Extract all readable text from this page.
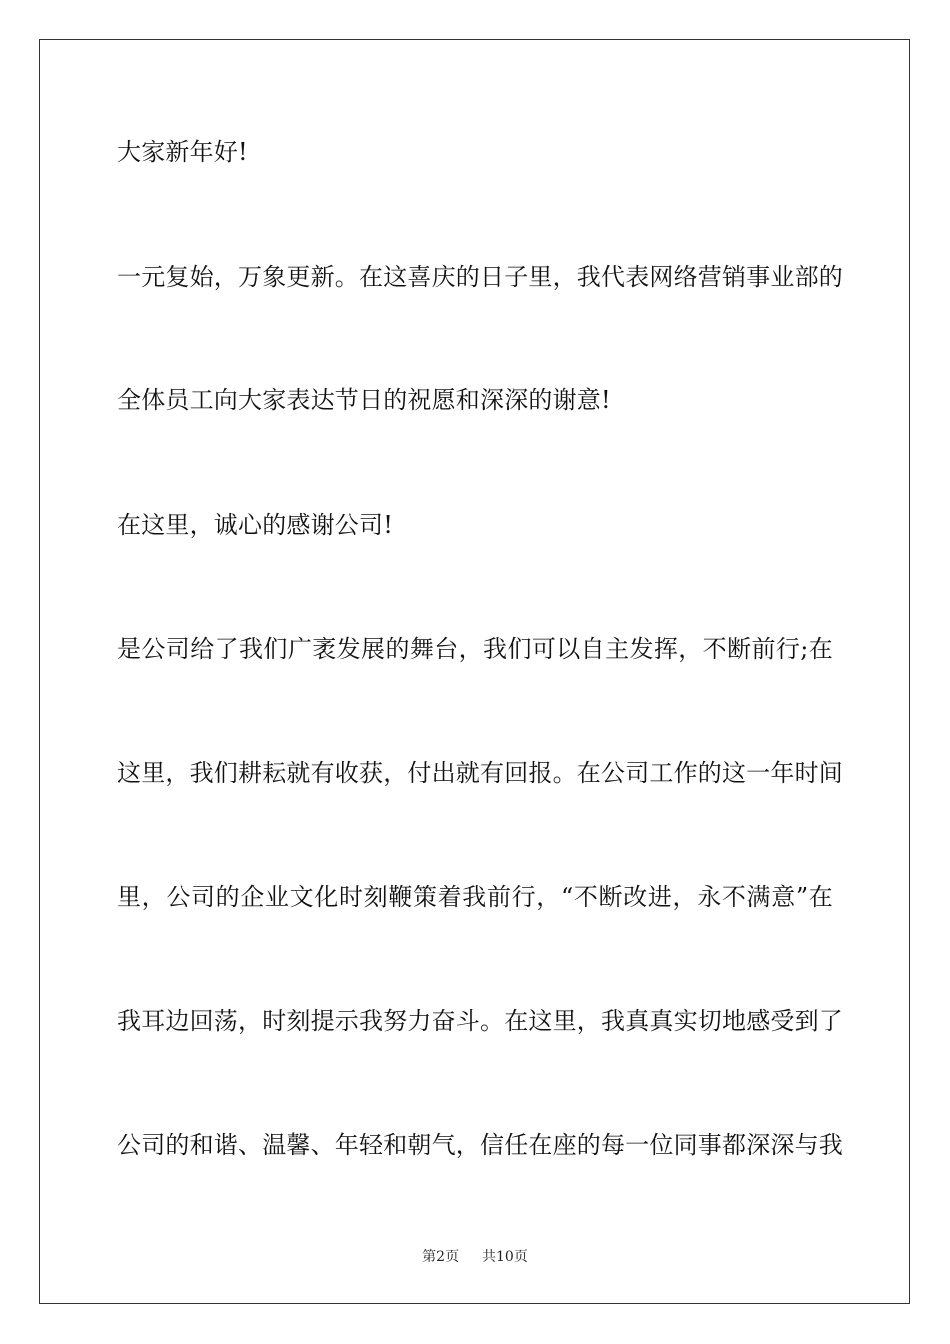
大家新年好!
一元复始，万象更新。在这喜庆的日子里，我代表网络营销事业部的
全体员工向大家表达节日的祝愿和深深的谢意!
在这里，诚心的感谢公司!
是公司给了我们广袤发展的舞台，我们可以自主发挥，不断前行;在
这里，我们耕耘就有收获，付出就有回报。在公司工作的这一年时间
里，公司的企业文化时刻鞭策着我前行，“不断改进，永不满意”在
我耳边回荡，时刻提示我努力奋斗。在这里，我真真实切地感受到了
公司的和谐、温馨、年轻和朝气，信任在座的每一位同事都深深与我
第2页 共10页
